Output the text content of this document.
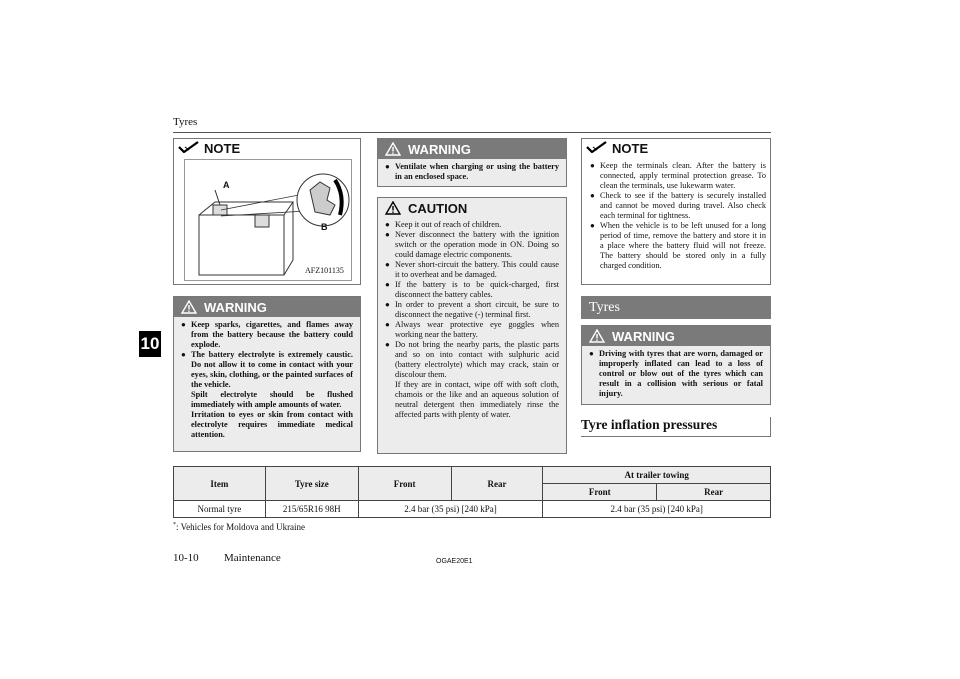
Tyres
10
NOTE
A
B
AFZ101135
WARNING
● Keep sparks, cigarettes, and flames away from the battery because the battery could explode.
● The battery electrolyte is extremely caustic. Do not allow it to come in contact with your eyes, skin, clothing, or the painted surfaces of the vehicle.
Spilt electrolyte should be flushed immediately with ample amounts of water.
Irritation to eyes or skin from contact with electrolyte requires immediate medical attention.
WARNING
● Ventilate when charging or using the battery in an enclosed space.
CAUTION
● Keep it out of reach of children.
● Never disconnect the battery with the ignition switch or the operation mode in ON. Doing so could damage electric components.
● Never short-circuit the battery. This could cause it to overheat and be damaged.
● If the battery is to be quick-charged, first disconnect the battery cables.
● In order to prevent a short circuit, be sure to disconnect the negative (-) terminal first.
● Always wear protective eye goggles when working near the battery.
● Do not bring the nearby parts, the plastic parts and so on into contact with sulphuric acid (battery electrolyte) which may crack, stain or discolour them.
If they are in contact, wipe off with soft cloth, chamois or the like and an aqueous solution of neutral detergent then immediately rinse the affected parts with plenty of water.
NOTE
● Keep the terminals clean. After the battery is connected, apply terminal protection grease. To clean the terminals, use lukewarm water.
● Check to see if the battery is securely installed and cannot be moved during travel. Also check each terminal for tightness.
● When the vehicle is to be left unused for a long period of time, remove the battery and store it in a place where the battery fluid will not freeze. The battery should be stored only in a fully charged condition.
Tyres
WARNING
● Driving with tyres that are worn, damaged or improperly inflated can lead to a loss of control or blow out of the tyres which can result in a collision with serious or fatal injury.
Tyre inflation pressures
Item	Tyre size	Front	Rear	At trailer towing	
				Front	Rear
Normal tyre	215/65R16 98H	2.4 bar (35 psi) [240 kPa]		2.4 bar (35 psi) [240 kPa]	
*: Vehicles for Moldova and Ukraine
10-10 Maintenance	OGAE20E1
